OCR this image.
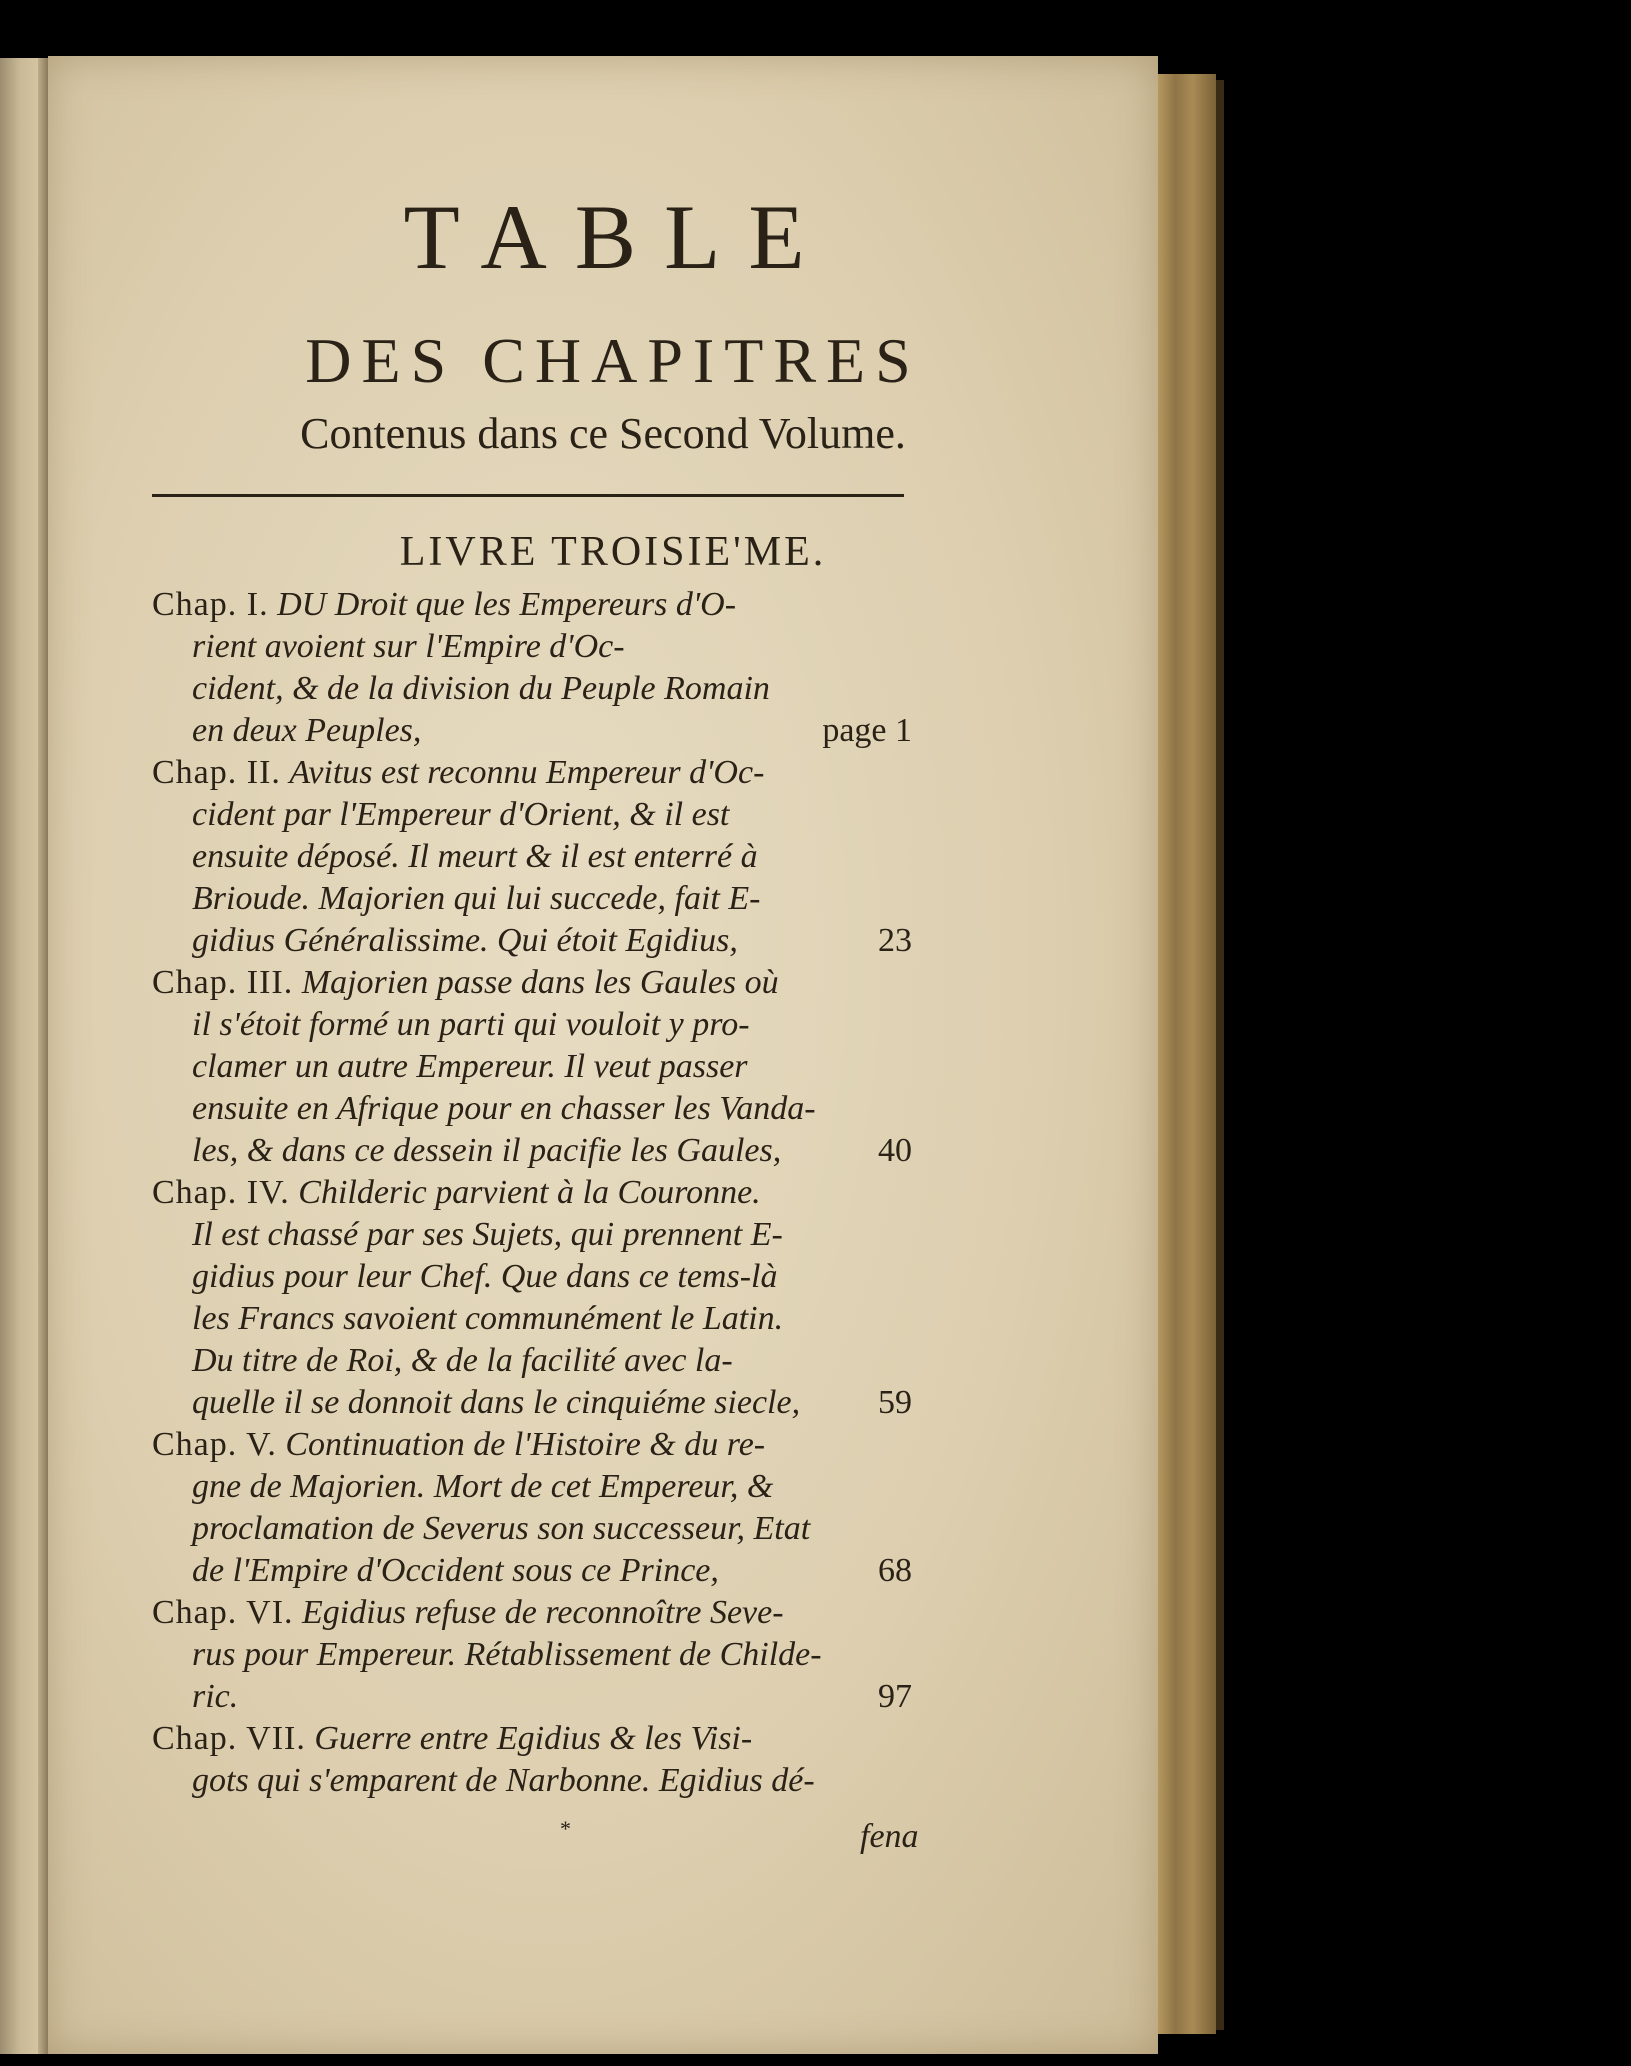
TABLE
DES CHAPITRES
Contenus dans ce Second Volume.
LIVRE TROISIE'ME.
Chap. I. DU Droit que les Empereurs d'O-
rient avoient sur l'Empire d'Oc-
cident, & de la division du Peuple Romain
en deux Peuples,	page 1
Chap. II. Avitus est reconnu Empereur d'Oc-
cident par l'Empereur d'Orient, & il est
ensuite déposé. Il meurt & il est enterré à
Brioude. Majorien qui lui succede, fait E-
gidius Généralissime. Qui étoit Egidius,	23
Chap. III. Majorien passe dans les Gaules où
il s'étoit formé un parti qui vouloit y pro-
clamer un autre Empereur. Il veut passer
ensuite en Afrique pour en chasser les Vanda-
les, & dans ce dessein il pacifie les Gaules,	40
Chap. IV. Childeric parvient à la Couronne.
Il est chassé par ses Sujets, qui prennent E-
gidius pour leur Chef. Que dans ce tems-là
les Francs savoient communément le Latin.
Du titre de Roi, & de la facilité avec la-
quelle il se donnoit dans le cinquiéme siecle, 59
Chap. V. Continuation de l'Histoire & du re-
gne de Majorien. Mort de cet Empereur, &
proclamation de Severus son successeur, Etat
de l'Empire d'Occident sous ce Prince,	68
Chap. VI. Egidius refuse de reconnoître Seve-
rus pour Empereur. Rétablissement de Childe-
ric.	97
Chap. VII. Guerre entre Egidius & les Visi-
gots qui s'emparent de Narbonne. Egidius dé-
*	fena
